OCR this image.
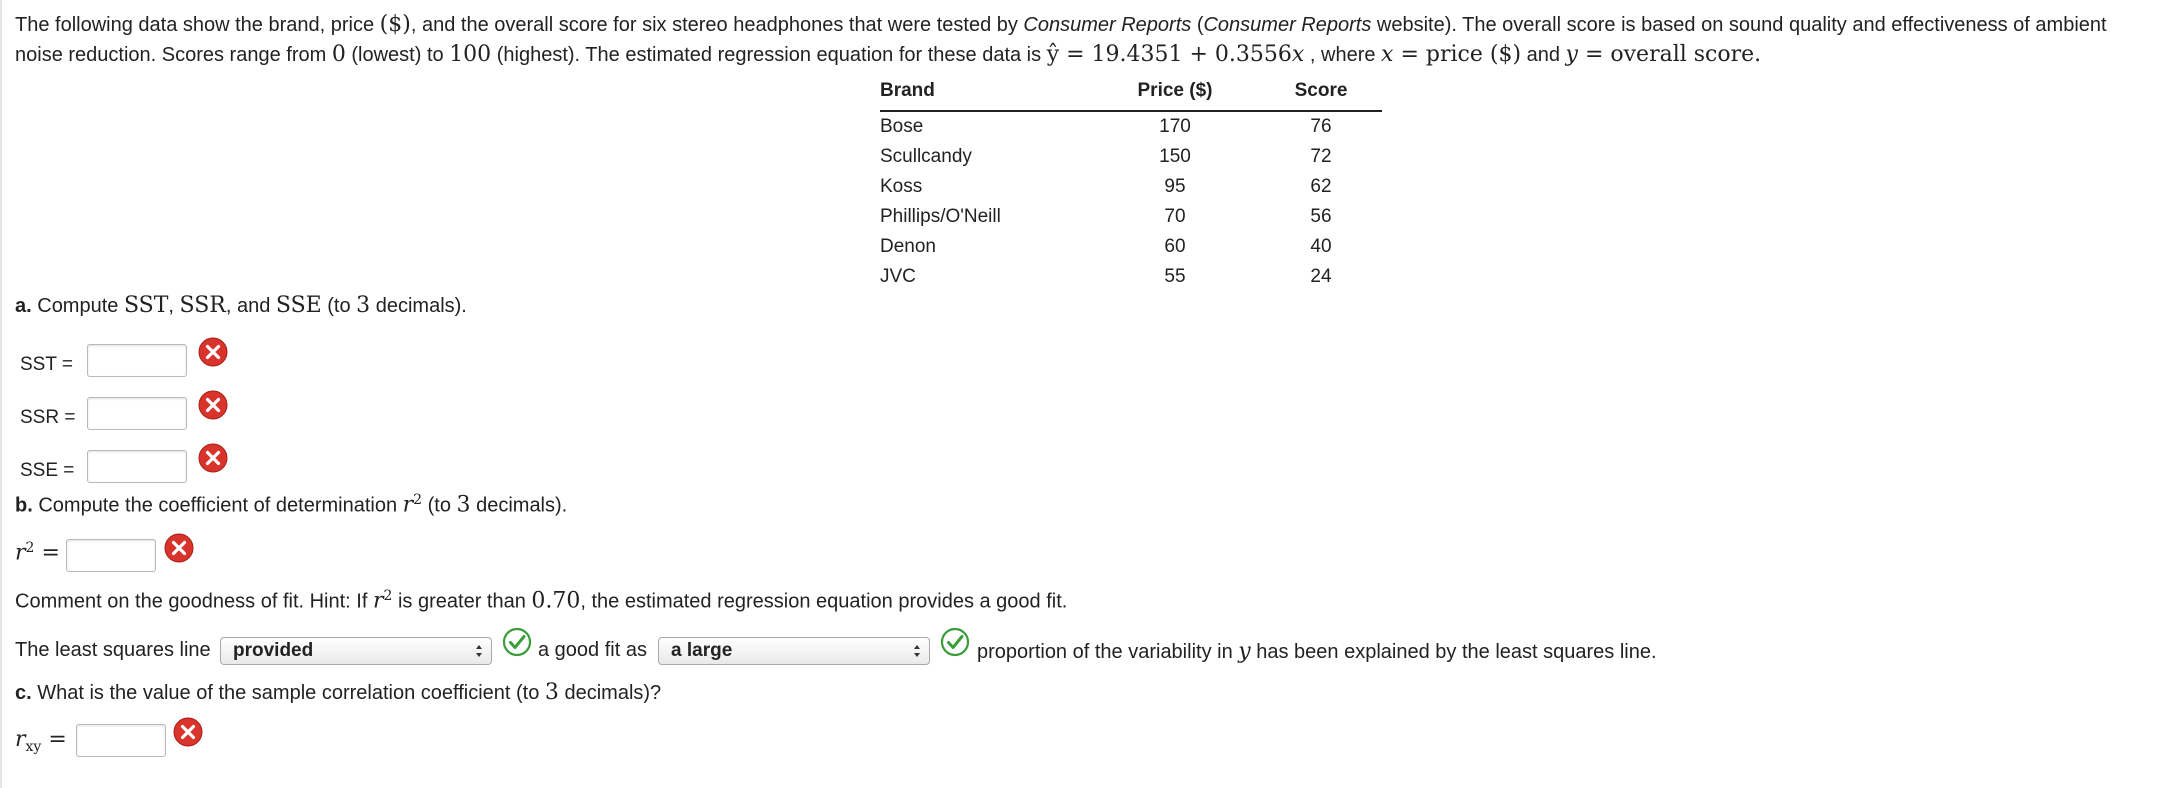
The following data show the brand, price ($), and the overall score for six stereo headphones that were tested by Consumer Reports (Consumer Reports website). The overall score is based on sound quality and effectiveness of ambient
noise reduction. Scores range from 0 (lowest) to 100 (highest). The estimated regression equation for these data is ŷ = 19.4351 + 0.3556x , where x = price ($) and y = overall score.
Brand	Price ($)	Score
Bose	170	76
Scullcandy	150	72
Koss	95	62
Phillips/O'Neill	70	56
Denon	60	40
JVC	55	24
a. Compute SST, SSR, and SSE (to 3 decimals).
SST =
SSR =
SSE =
b. Compute the coefficient of determination $r^2$ (to 3 decimals).
$r^2$ =
Comment on the goodness of fit. Hint: If $r^2$ is greater than 0.70, the estimated regression equation provides a good fit.
The least squares line	provided	a good fit as	a large	proportion of the variability in y has been explained by the least squares line.
c. What is the value of the sample correlation coefficient (to 3 decimals)?
$r_{xy}$ =
